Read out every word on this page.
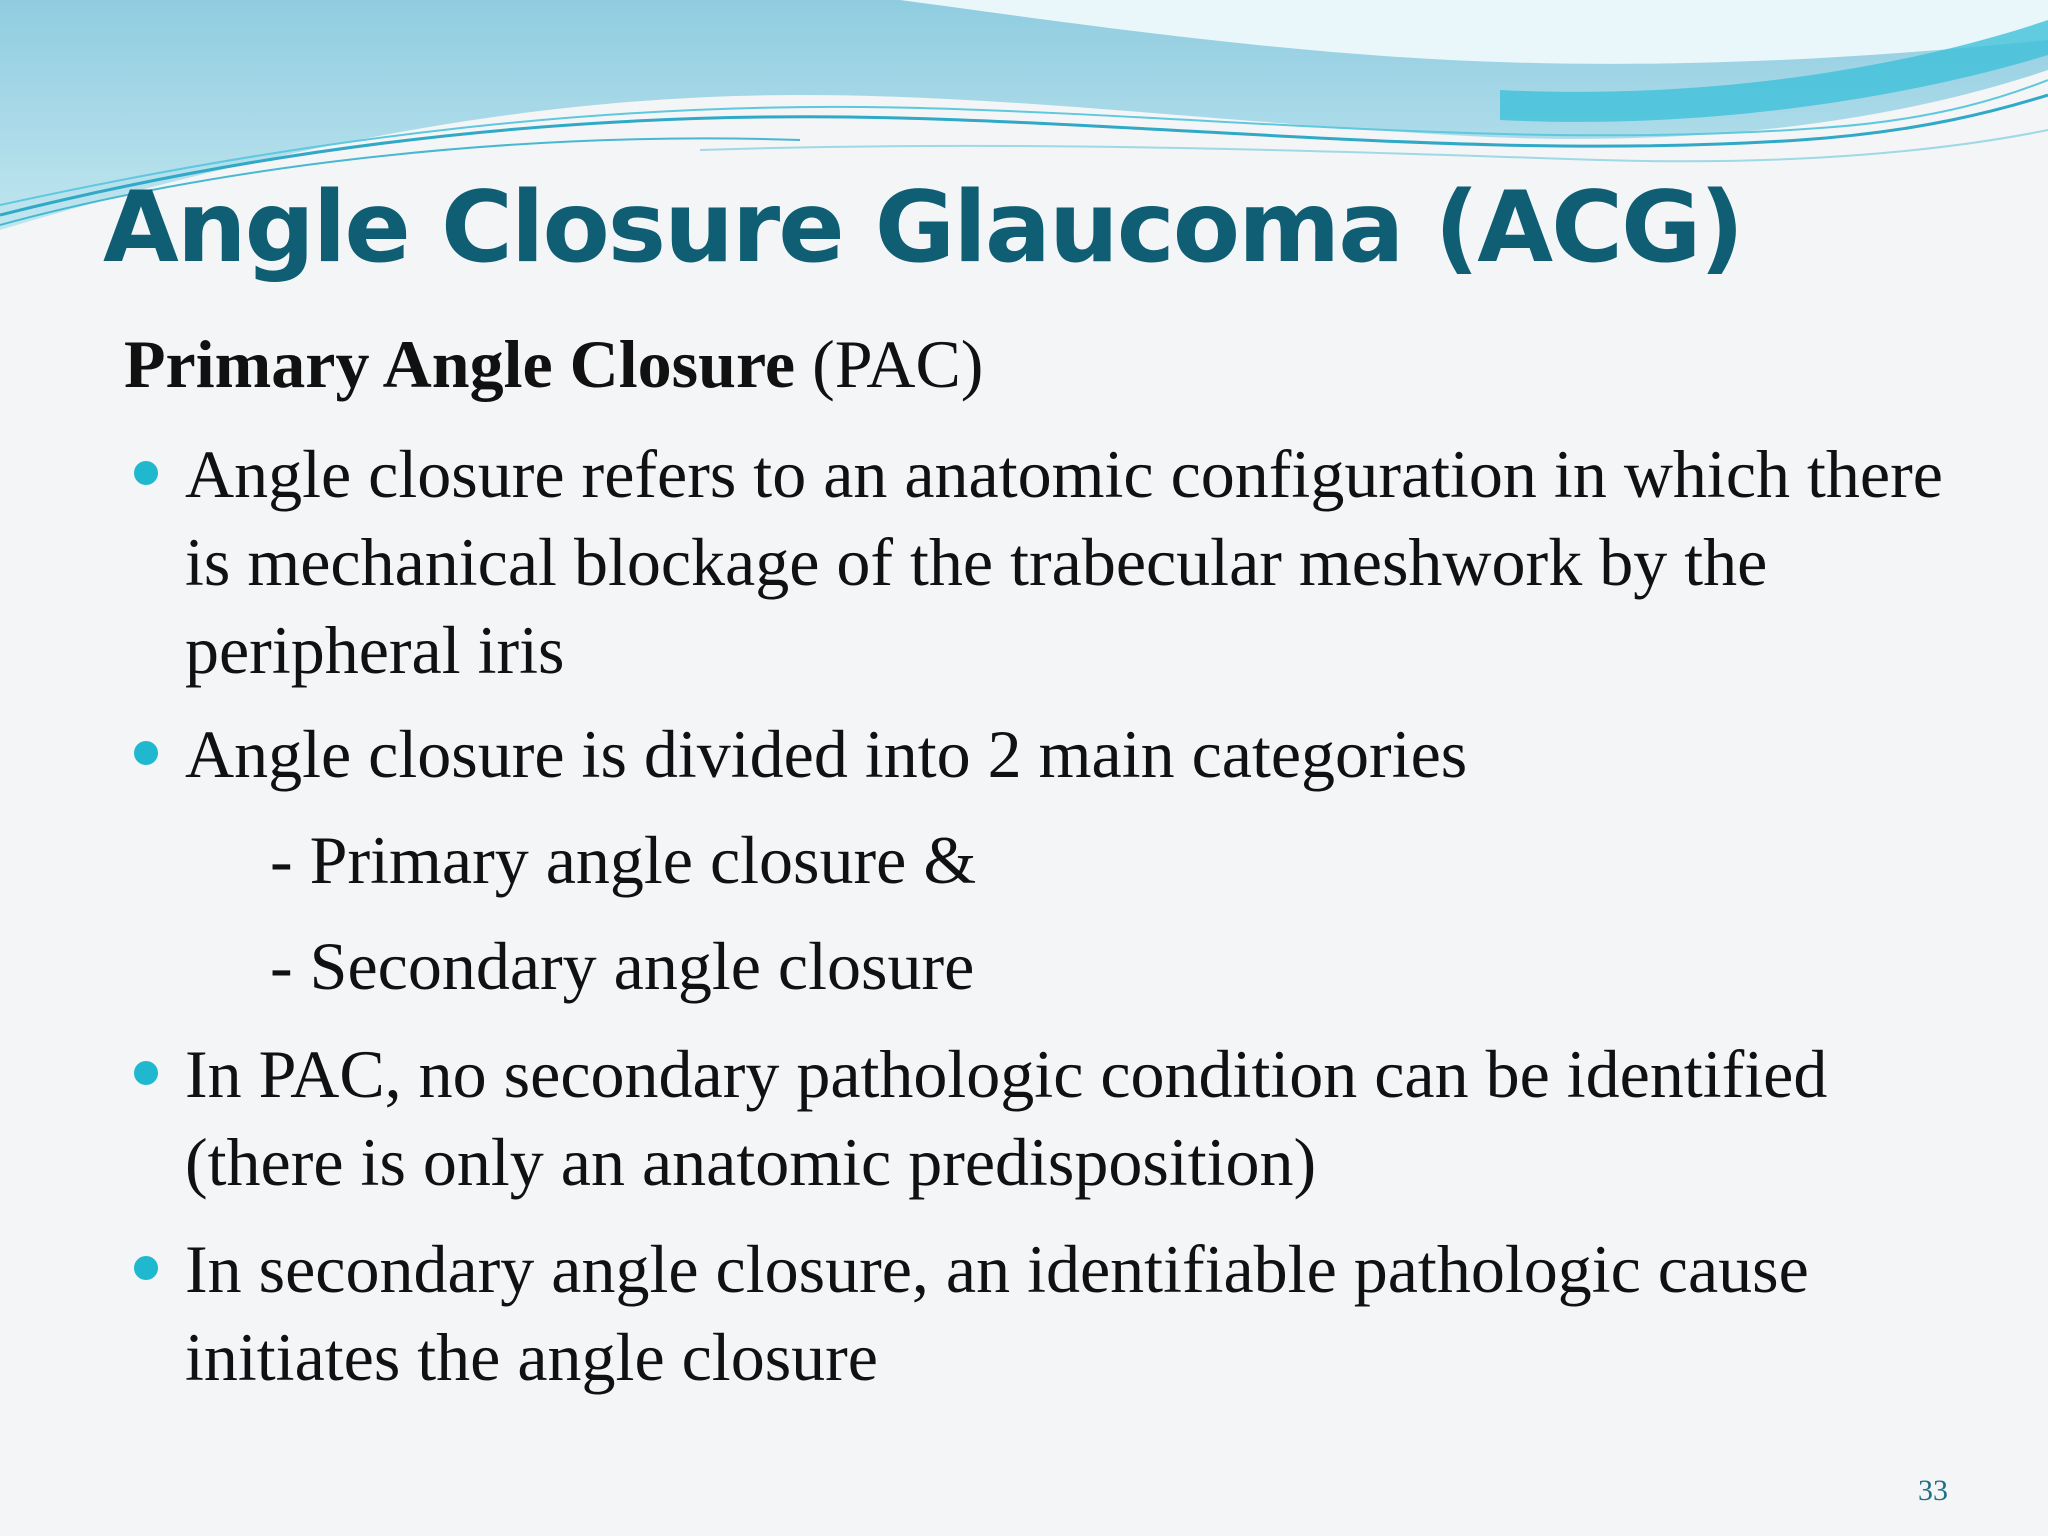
Angle Closure Glaucoma (ACG)
Primary Angle Closure (PAC)
Angle closure refers to an anatomic configuration in which there is mechanical blockage of the trabecular meshwork by the peripheral iris
Angle closure is divided into 2 main categories
- Primary angle closure &
- Secondary angle closure
In PAC, no secondary pathologic condition can be identified (there is only an anatomic predisposition)
In secondary angle closure, an identifiable pathologic cause initiates the angle closure
33
